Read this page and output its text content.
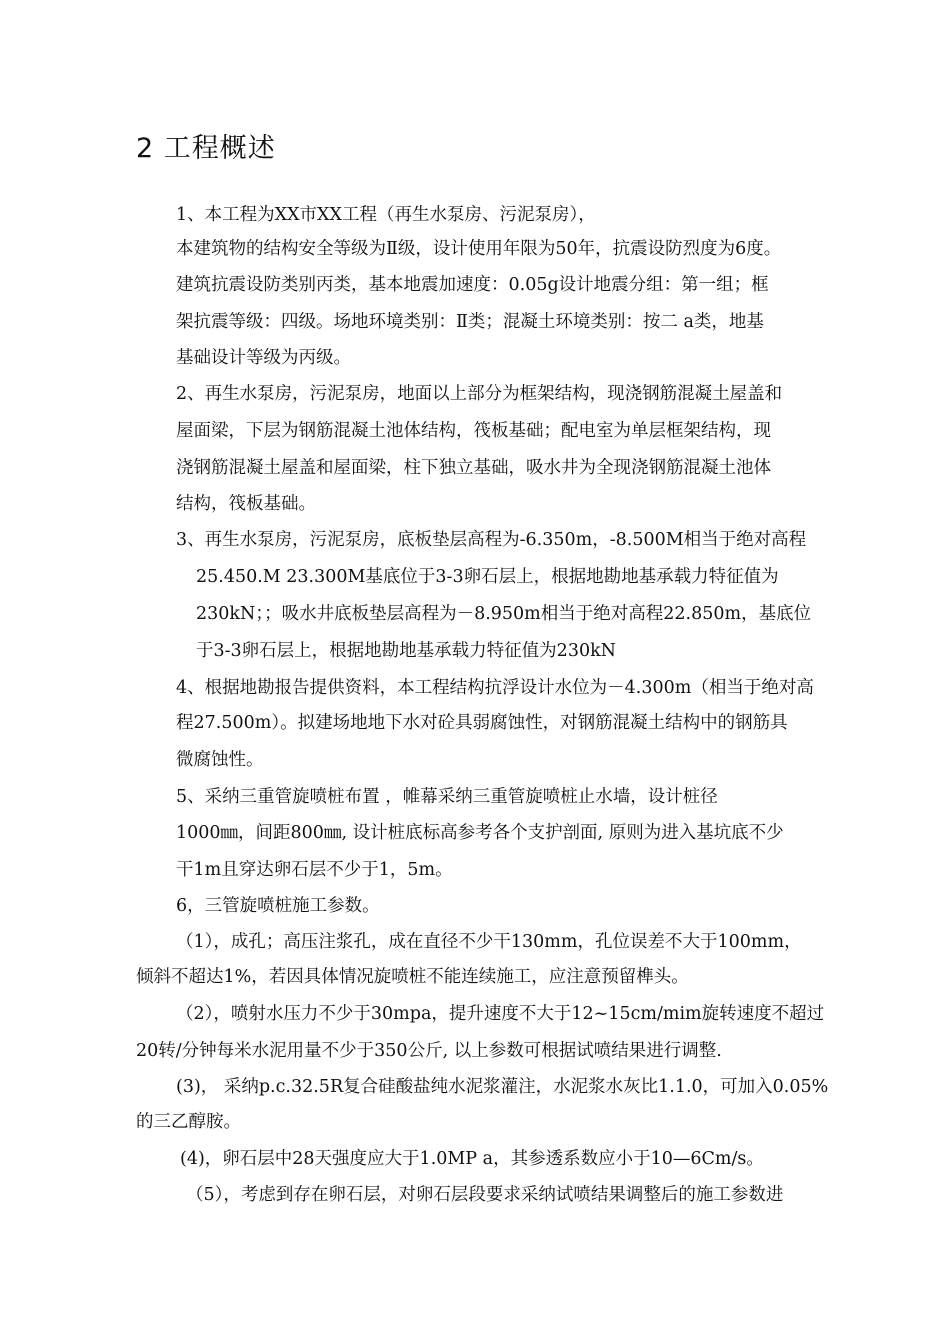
2 工程概述
1、本工程为XX市XX工程（再生水泵房、污泥泵房），
本建筑物的结构安全等级为Ⅱ级，设计使用年限为50年，抗震设防烈度为6度。
建筑抗震设防类别丙类，基本地震加速度：0.05g设计地震分组：第一组；框
架抗震等级：四级。场地环境类别：Ⅱ类；混凝土环境类别：按二 a类，地基
基础设计等级为丙级。
2、再生水泵房，污泥泵房，地面以上部分为框架结构，现浇钢筋混凝土屋盖和
屋面梁，下层为钢筋混凝土池体结构，筏板基础；配电室为单层框架结构，现
浇钢筋混凝土屋盖和屋面梁，柱下独立基础，吸水井为全现浇钢筋混凝土池体
结构，筏板基础。
3、再生水泵房，污泥泵房，底板垫层高程为-6.350m，-8.500M相当于绝对高程
25.450.M 23.300M基底位于3-3卵石层上，根据地勘地基承载力特征值为
230kN；；吸水井底板垫层高程为－8.950m相当于绝对高程22.850m，基底位
于3-3卵石层上，根据地勘地基承载力特征值为230kN
4、根据地勘报告提供资料，本工程结构抗浮设计水位为－4.300m（相当于绝对高
程27.500m）。拟建场地地下水对砼具弱腐蚀性，对钢筋混凝土结构中的钢筋具
微腐蚀性。
5、采纳三重管旋喷桩布置 ，帷幕采纳三重管旋喷桩止水墙，设计桩径
1000㎜，间距800㎜, 设计桩底标高参考各个支护剖面, 原则为进入基坑底不少
干1m且穿达卵石层不少于1，5m。
6，三管旋喷桩施工参数。
（1），成孔；高压注浆孔，成在直径不少干130mm，孔位误差不大于100mm，
倾斜不超达1%，若因具体情况旋喷桩不能连续施工，应注意预留榫头。
（2），喷射水压力不少于30mpa，提升速度不大于12~15cm/mim旋转速度不超过
20转/分钟每米水泥用量不少于350公斤, 以上参数可根据试喷结果进行调整.
(3)， 采纳p.c.32.5R复合硅酸盐纯水泥浆灌注，水泥浆水灰比1.1.0，可加入0.05%
的三乙醇胺。
(4)，卵石层中28天强度应大于1.0MP a，其参透系数应小于10—6Cm/s。
（5），考虑到存在卵石层，对卵石层段要求采纳试喷结果调整后的施工参数进
